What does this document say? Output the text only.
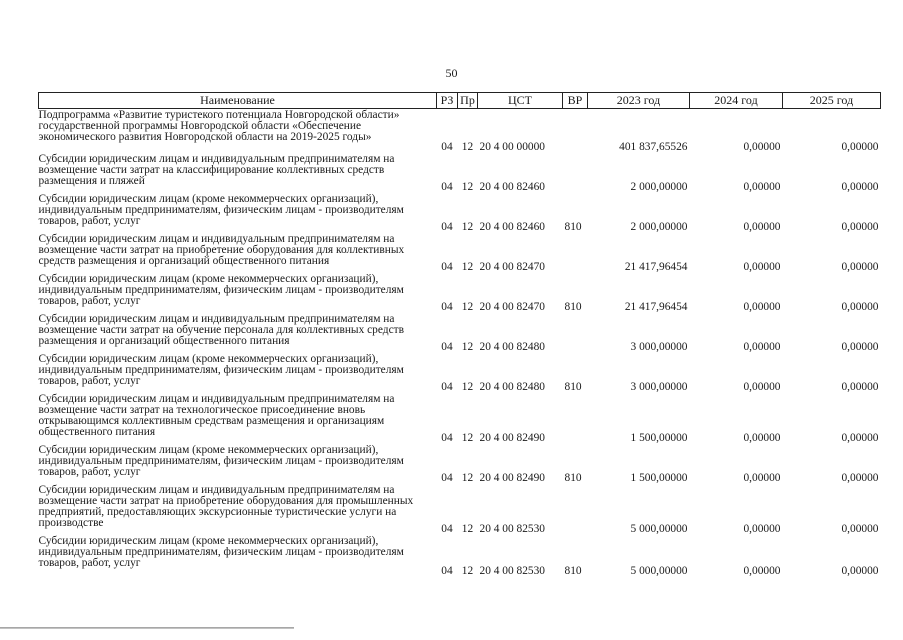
50
Наименование	РЗ	Пр	ЦСТ	ВР	2023 год	2024 год	2025 год
Подпрограмма «Развитие туристекого потенциала Новгородской области» государственной программы Новгородской области «Обеспечение экономического развития Новгородской области на 2019-2025 годы»	04	12	20 4 00 00000		401 837,65526	0,00000	0,00000
Субсидии юридическим лицам и индивидуальным предпринимателям на возмещение части затрат на классифицирование коллективных средств размещения и пляжей	04	12	20 4 00 82460		2 000,00000	0,00000	0,00000
Субсидии юридическим лицам (кроме некоммерческих организаций), индивидуальным предпринимателям, физическим лицам - производителям товаров, работ, услуг	04	12	20 4 00 82460	810	2 000,00000	0,00000	0,00000
Субсидии юридическим лицам и индивидуальным предпринимателям на возмещение части затрат на приобретение оборудования для коллективных средств размещения и организаций общественного питания	04	12	20 4 00 82470		21 417,96454	0,00000	0,00000
Субсидии юридическим лицам (кроме некоммерческих организаций), индивидуальным предпринимателям, физическим лицам - производителям товаров, работ, услуг	04	12	20 4 00 82470	810	21 417,96454	0,00000	0,00000
Субсидии юридическим лицам и индивидуальным предпринимателям на возмещение части затрат на обучение персонала для коллективных средств размещения и организаций общественного питания	04	12	20 4 00 82480		3 000,00000	0,00000	0,00000
Субсидии юридическим лицам (кроме некоммерческих организаций), индивидуальным предпринимателям, физическим лицам - производителям товаров, работ, услуг	04	12	20 4 00 82480	810	3 000,00000	0,00000	0,00000
Субсидии юридическим лицам и индивидуальным предпринимателям на возмещение части затрат на технологическое присоединение вновь открывающимся коллективным средствам размещения и организациям общественного питания	04	12	20 4 00 82490		1 500,00000	0,00000	0,00000
Субсидии юридическим лицам (кроме некоммерческих организаций), индивидуальным предпринимателям, физическим лицам - производителям товаров, работ, услуг	04	12	20 4 00 82490	810	1 500,00000	0,00000	0,00000
Субсидии юридическим лицам и индивидуальным предпринимателям на возмещение части затрат на приобретение оборудования для промышленных предприятий, предоставляющих экскурсионные туристические услуги на производстве	04	12	20 4 00 82530		5 000,00000	0,00000	0,00000
Субсидии юридическим лицам (кроме некоммерческих организаций), индивидуальным предпринимателям, физическим лицам - производителям товаров, работ, услуг	04	12	20 4 00 82530	810	5 000,00000	0,00000	0,00000
